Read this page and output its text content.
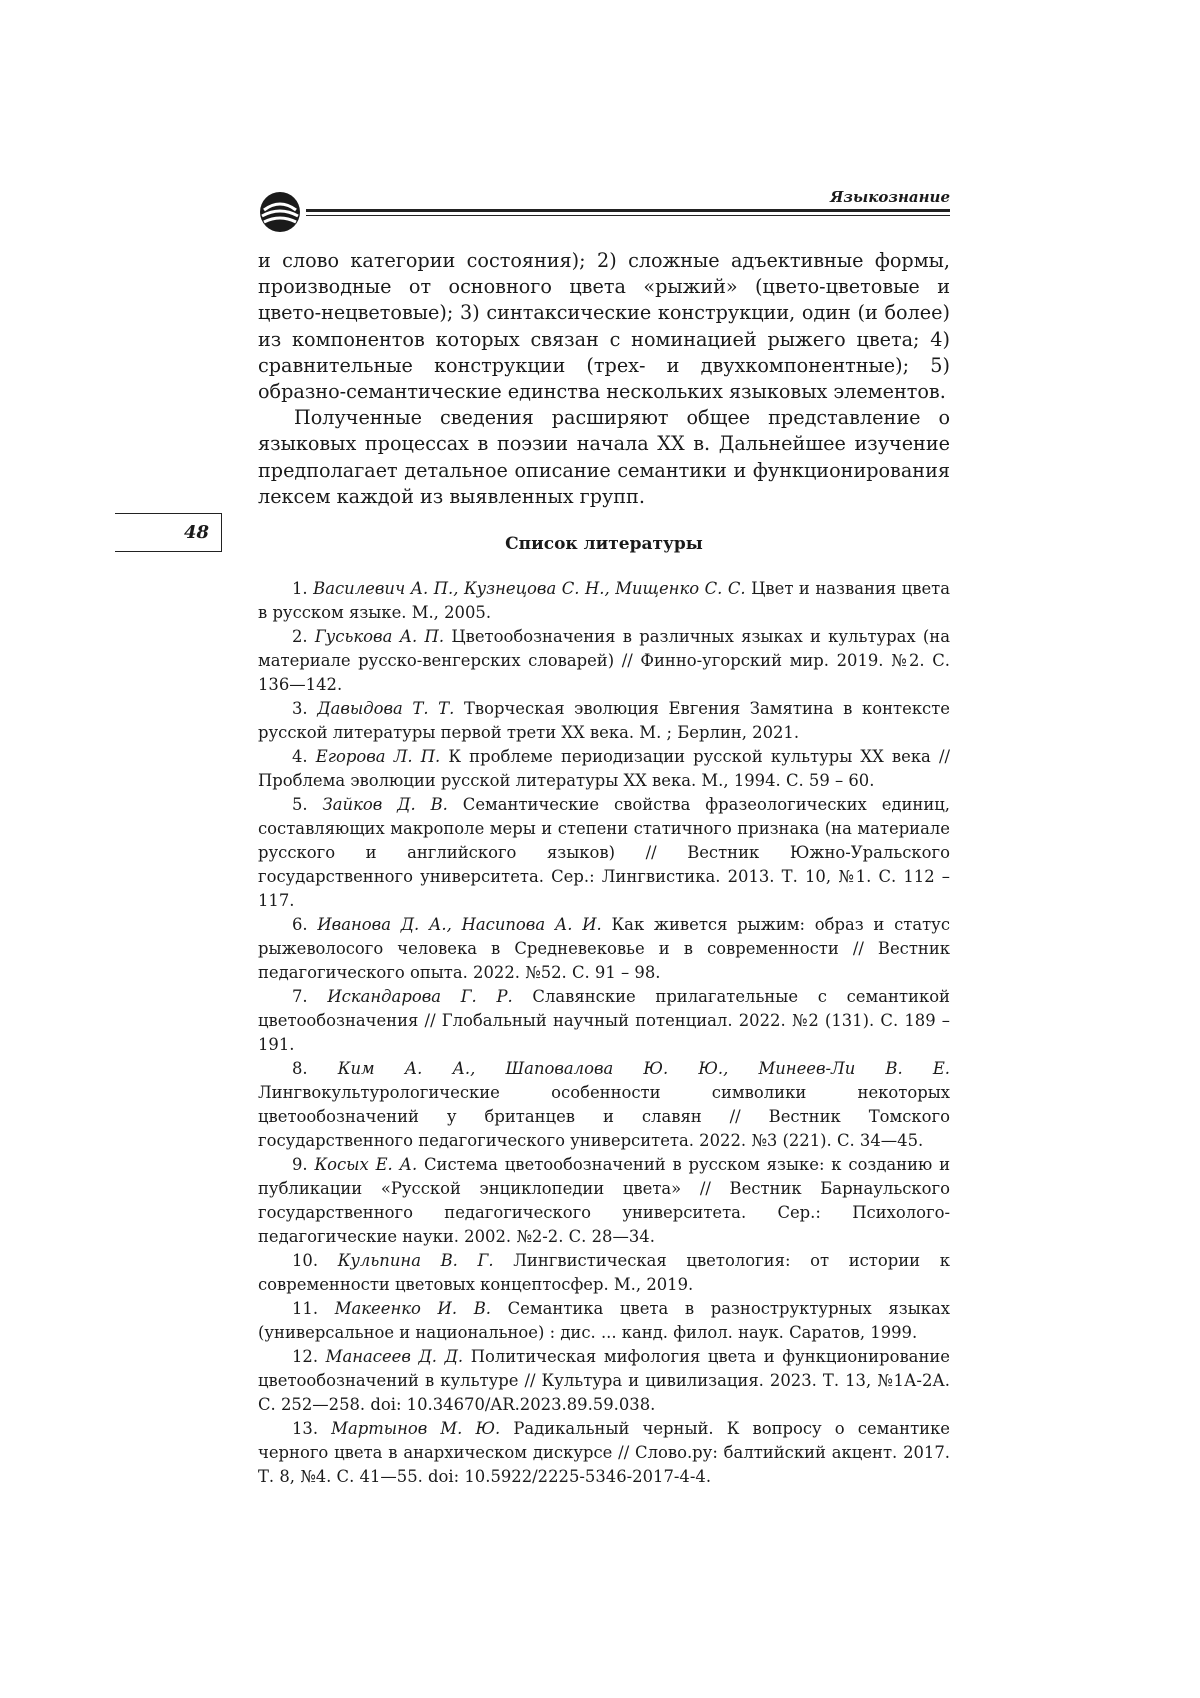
Языкознание
48

и слово категории состояния); 2) сложные адъективные формы, производные от основного цвета «рыжий» (цвето-цветовые и цвето-нецветовые); 3) синтаксические конструкции, один (и более) из компонентов которых связан с номинацией рыжего цвета; 4) сравнительные конструкции (трех- и двухкомпонентные); 5) образно-семантические единства нескольких языковых элементов.

Полученные сведения расширяют общее представление о языковых процессах в поэзии начала XX в. Дальнейшее изучение предполагает детальное описание семантики и функционирования лексем каждой из выявленных групп.

Список литературы

1. Василевич А. П., Кузнецова С. Н., Мищенко С. С. Цвет и названия цвета в русском языке. М., 2005.

2. Гуськова А. П. Цветообозначения в различных языках и культурах (на материале русско-венгерских словарей) // Финно-угорский мир. 2019. №2. С. 136—142.

3. Давыдова Т. Т. Творческая эволюция Евгения Замятина в контексте русской литературы первой трети XX века. М. ; Берлин, 2021.

4. Егорова Л. П. К проблеме периодизации русской культуры XX века // Проблема эволюции русской литературы XX века. М., 1994. С. 59 – 60.

5. Зайков Д. В. Семантические свойства фразеологических единиц, составляющих макрополе меры и степени статичного признака (на материале русского и английского языков) // Вестник Южно-Уральского государственного университета. Сер.: Лингвистика. 2013. Т. 10, №1. С. 112 – 117.

6. Иванова Д. А., Насипова А. И. Как живется рыжим: образ и статус рыжеволосого человека в Средневековье и в современности // Вестник педагогического опыта. 2022. №52. С. 91 – 98.

7. Искандарова Г. Р. Славянские прилагательные с семантикой цветообозначения // Глобальный научный потенциал. 2022. №2 (131). С. 189 – 191.

8. Ким А. А., Шаповалова Ю. Ю., Минеев-Ли В. Е. Лингвокультурологические особенности символики некоторых цветообозначений у британцев и славян // Вестник Томского государственного педагогического университета. 2022. №3 (221). С. 34—45.

9. Косых Е. А. Система цветообозначений в русском языке: к созданию и публикации «Русской энциклопедии цвета» // Вестник Барнаульского государственного педагогического университета. Сер.: Психолого-педагогические науки. 2002. №2-2. С. 28—34.

10. Кульпина В. Г. Лингвистическая цветология: от истории к современности цветовых концептосфер. М., 2019.

11. Макеенко И. В. Семантика цвета в разноструктурных языках (универсальное и национальное) : дис. ... канд. филол. наук. Саратов, 1999.

12. Манасеев Д. Д. Политическая мифология цвета и функционирование цветообозначений в культуре // Культура и цивилизация. 2023. Т. 13, №1А-2А. С. 252—258. doi: 10.34670/AR.2023.89.59.038.

13. Мартынов М. Ю. Радикальный черный. К вопросу о семантике черного цвета в анархическом дискурсе // Слово.ру: балтийский акцент. 2017. Т. 8, №4. С. 41—55. doi: 10.5922/2225-5346-2017-4-4.
